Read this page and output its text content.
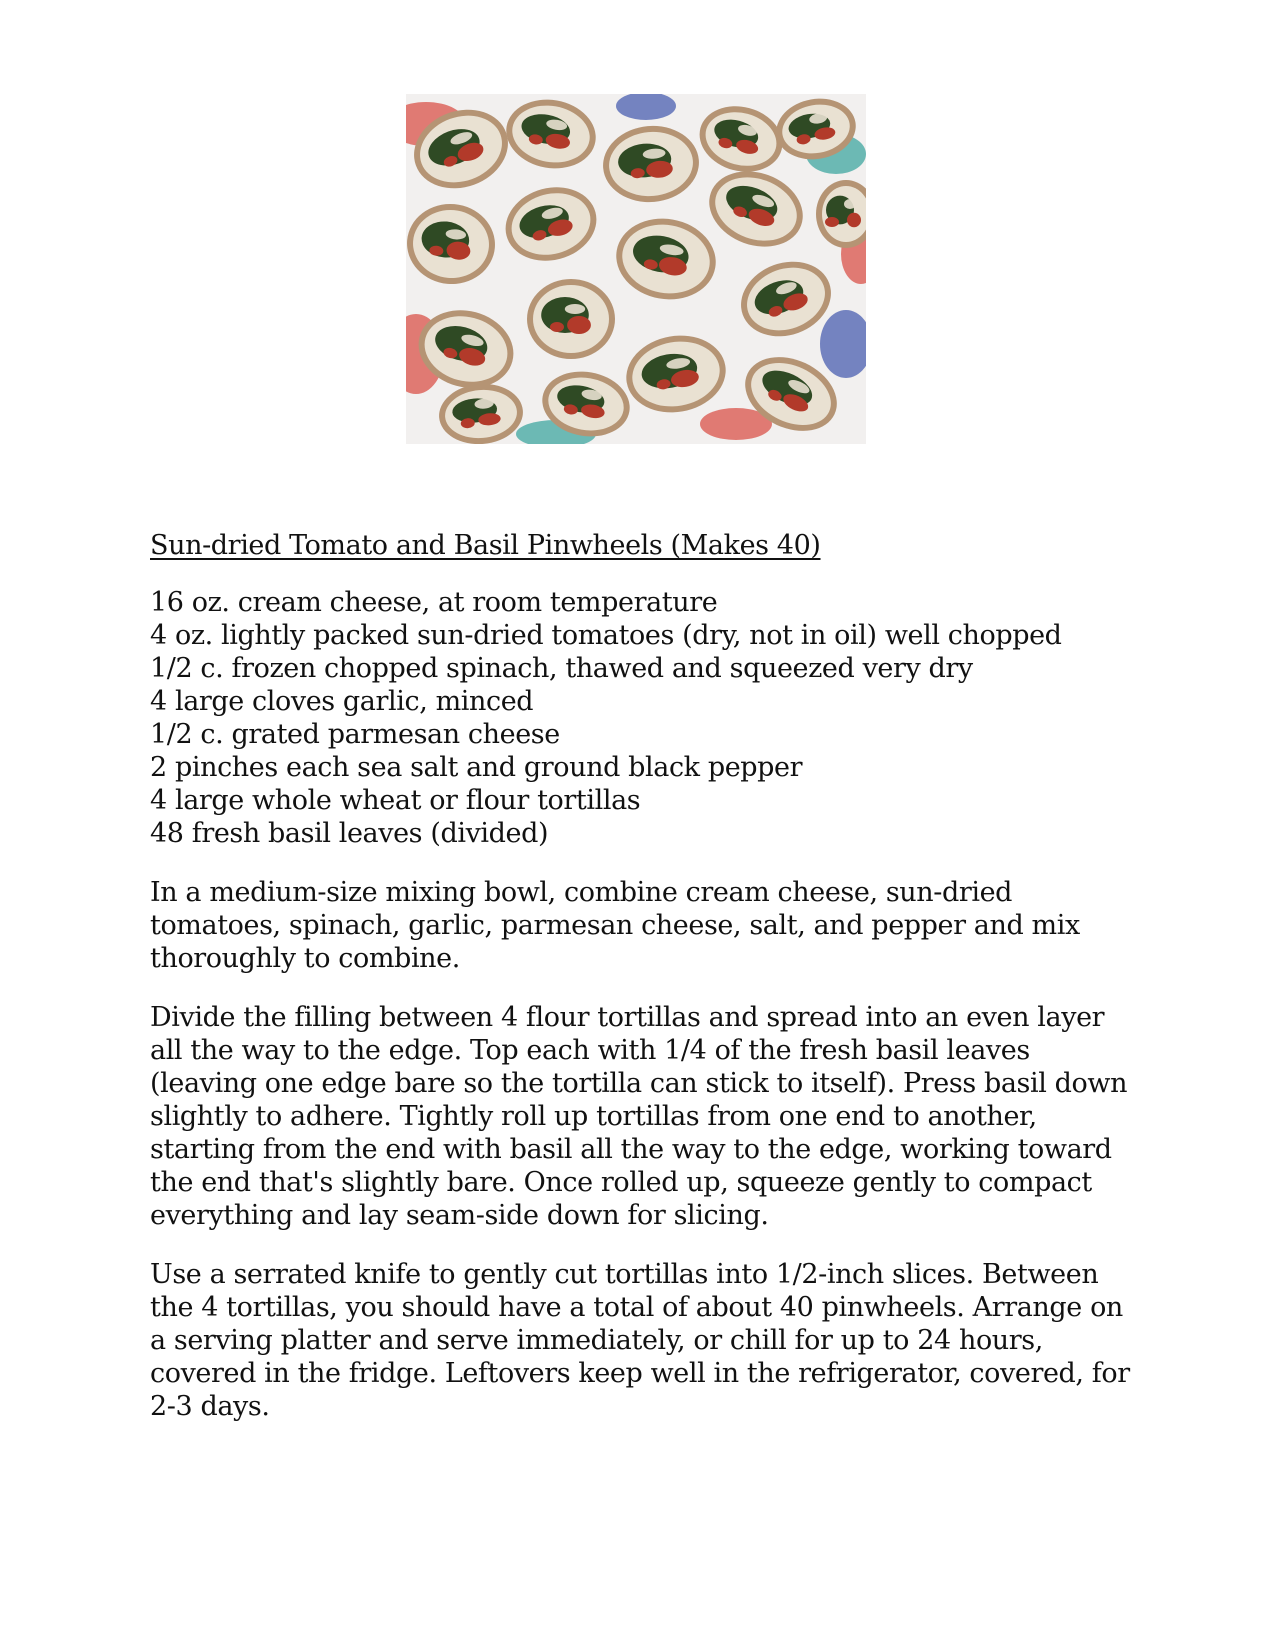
Sun-dried Tomato and Basil Pinwheels (Makes 40)
16 oz. cream cheese, at room temperature
4 oz. lightly packed sun-dried tomatoes (dry, not in oil) well chopped
1/2 c. frozen chopped spinach, thawed and squeezed very dry
4 large cloves garlic, minced
1/2 c. grated parmesan cheese
2 pinches each sea salt and ground black pepper
4 large whole wheat or flour tortillas
48 fresh basil leaves (divided)

In a medium-size mixing bowl, combine cream cheese, sun-dried tomatoes, spinach, garlic, parmesan cheese, salt, and pepper and mix thoroughly to combine.

Divide the filling between 4 flour tortillas and spread into an even layer all the way to the edge. Top each with 1/4 of the fresh basil leaves (leaving one edge bare so the tortilla can stick to itself). Press basil down slightly to adhere. Tightly roll up tortillas from one end to another, starting from the end with basil all the way to the edge, working toward the end that's slightly bare. Once rolled up, squeeze gently to compact everything and lay seam-side down for slicing.

Use a serrated knife to gently cut tortillas into 1/2-inch slices. Between the 4 tortillas, you should have a total of about 40 pinwheels. Arrange on a serving platter and serve immediately, or chill for up to 24 hours, covered in the fridge. Leftovers keep well in the refrigerator, covered, for 2-3 days.
